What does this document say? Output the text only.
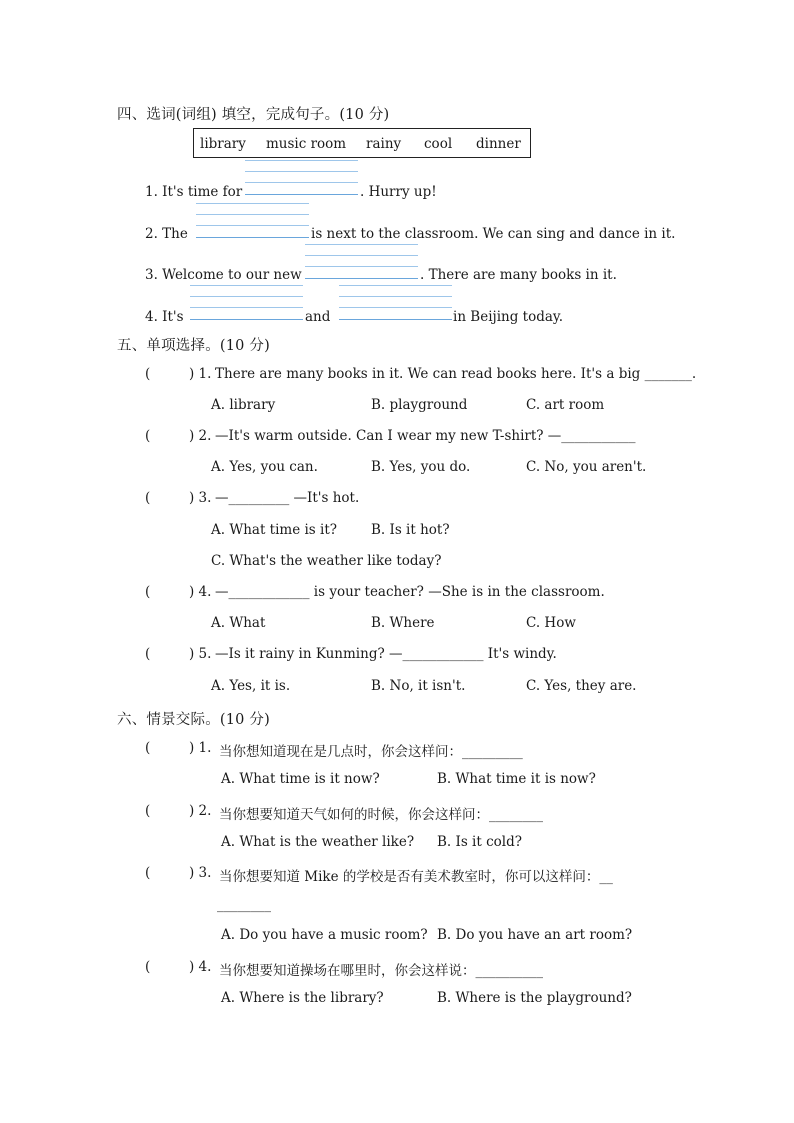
四、选词(词组) 填空，完成句子。(10 分)
library music room rainy cool dinner
1. It's time for	. Hurry up!
2. The	is next to the classroom. We can sing and dance in it.
3. Welcome to our new	. There are many books in it.
4. It's	and	in Beijing today.
五、单项选择。(10 分)
(	) 1. There are many books in it. We can read books here. It's a big _______.
A. library	B. playground	C. art room
(	) 2. —It's warm outside. Can I wear my new T-shirt? —___________
A. Yes, you can.	B. Yes, you do.	C. No, you aren't.
(	) 3. —_________ —It's hot.
A. What time is it?	B. Is it hot?
C. What's the weather like today?
(	) 4. —____________ is your teacher? —She is in the classroom.
A. What	B. Where	C. How
(	) 5. —Is it rainy in Kunming? —____________ It's windy.
A. Yes, it is.	B. No, it isn't.	C. Yes, they are.
六、情景交际。(10 分)
(	) 1. 当你想知道现在是几点时，你会这样问：_________
A. What time is it now?	B. What time it is now?
(	) 2. 当你想要知道天气如何的时候，你会这样问：________
A. What is the weather like? B. Is it cold?
(	) 3. 当你想要知道 Mike 的学校是否有美术教室时，你可以这样问：__
________
A. Do you have a music room? B. Do you have an art room?
(	) 4. 当你想要知道操场在哪里时，你会这样说：__________
A. Where is the library?	B. Where is the playground?
